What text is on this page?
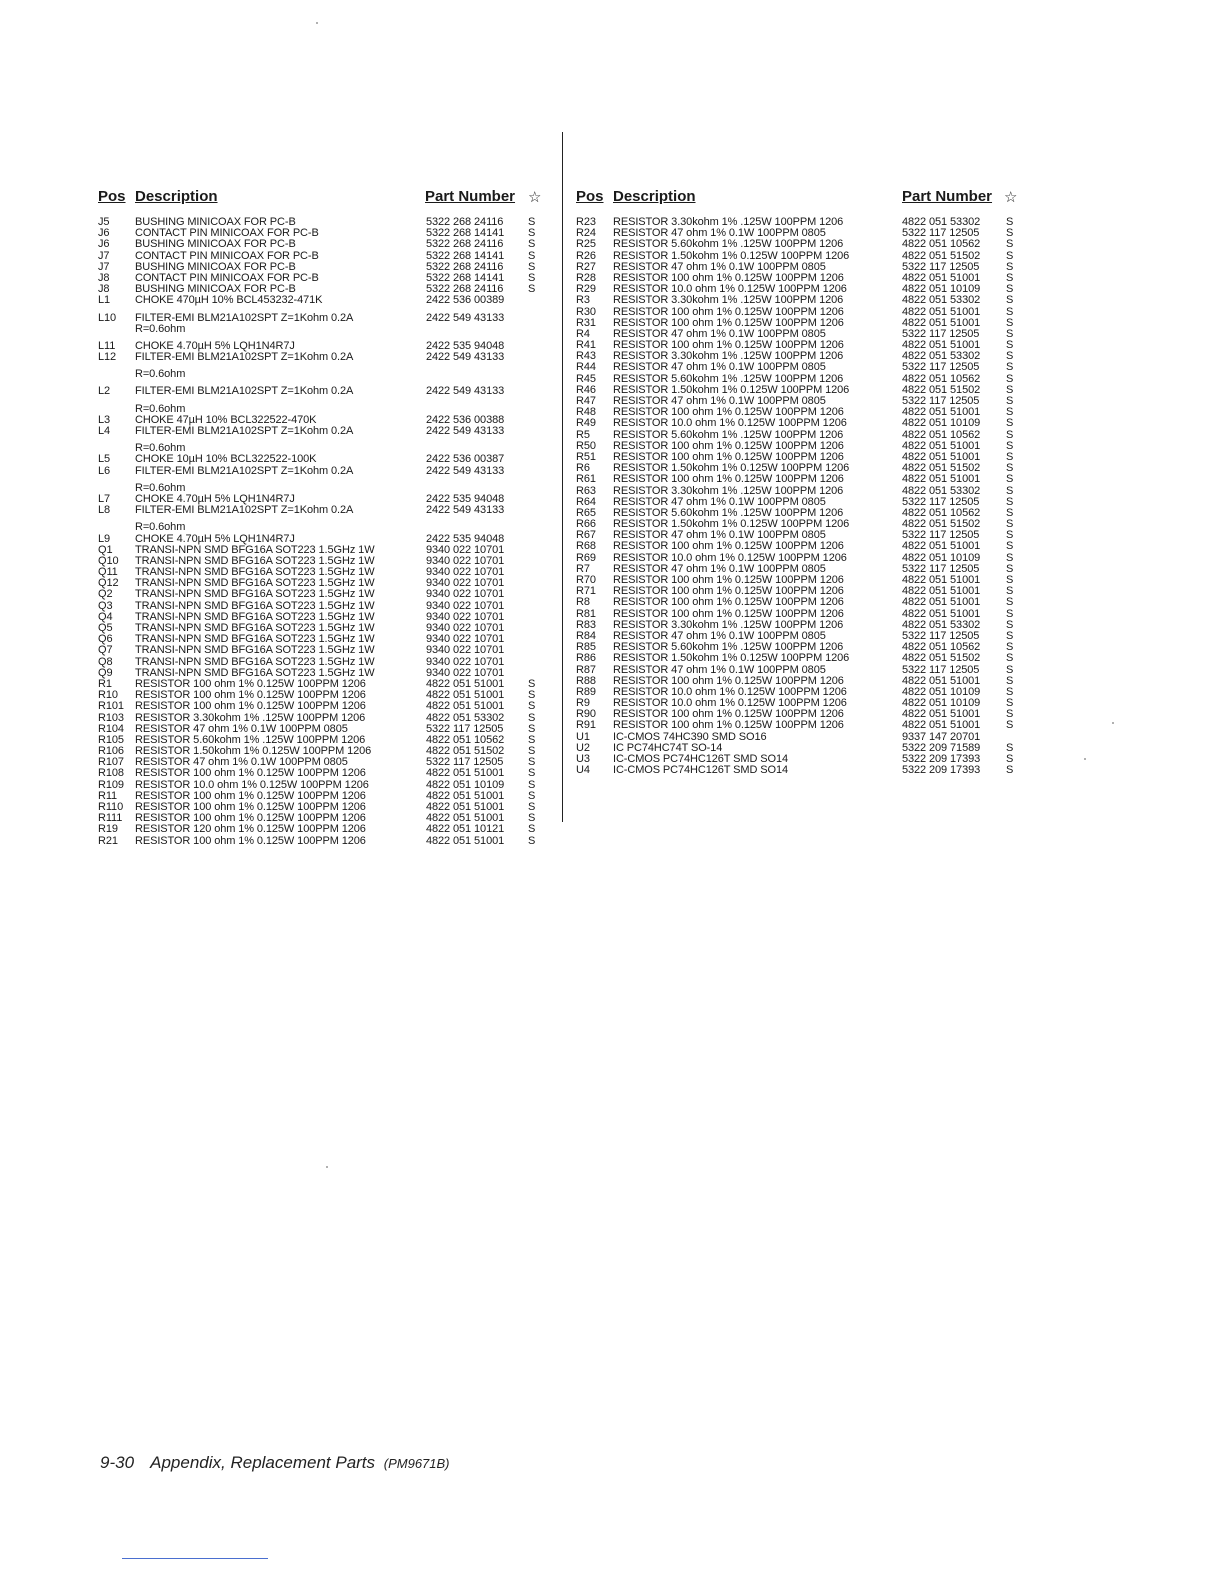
Pos Description	Part Number ☆
J5 BUSHING MINICOAX FOR PC-B	5322 268 24116 S
J6 CONTACT PIN MINICOAX FOR PC-B	5322 268 14141 S
J6 BUSHING MINICOAX FOR PC-B	5322 268 24116 S
J7 CONTACT PIN MINICOAX FOR PC-B	5322 268 14141 S
J7 BUSHING MINICOAX FOR PC-B	5322 268 24116 S
J8 CONTACT PIN MINICOAX FOR PC-B	5322 268 14141 S
J8 BUSHING MINICOAX FOR PC-B	5322 268 24116 S
L1 CHOKE 470µH 10% BCL453232-471K	2422 536 00389
L10 FILTER-EMI BLM21A102SPT Z=1Kohm 0.2A	2422 549 43133
R=0.6ohm
L11 CHOKE 4.70µH 5% LQH1N4R7J	2422 535 94048
L12 FILTER-EMI BLM21A102SPT Z=1Kohm 0.2A	2422 549 43133
R=0.6ohm
L2 FILTER-EMI BLM21A102SPT Z=1Kohm 0.2A	2422 549 43133
R=0.6ohm
L3 CHOKE 47µH 10% BCL322522-470K	2422 536 00388
L4 FILTER-EMI BLM21A102SPT Z=1Kohm 0.2A	2422 549 43133
R=0.6ohm
L5 CHOKE 10µH 10% BCL322522-100K	2422 536 00387
L6 FILTER-EMI BLM21A102SPT Z=1Kohm 0.2A	2422 549 43133
R=0.6ohm
L7 CHOKE 4.70µH 5% LQH1N4R7J	2422 535 94048
L8 FILTER-EMI BLM21A102SPT Z=1Kohm 0.2A	2422 549 43133
R=0.6ohm
L9 CHOKE 4.70µH 5% LQH1N4R7J	2422 535 94048
Q1 TRANSI-NPN SMD BFG16A SOT223 1.5GHz 1W	9340 022 10701
Q10 TRANSI-NPN SMD BFG16A SOT223 1.5GHz 1W	9340 022 10701
Q11 TRANSI-NPN SMD BFG16A SOT223 1.5GHz 1W	9340 022 10701
Q12 TRANSI-NPN SMD BFG16A SOT223 1.5GHz 1W	9340 022 10701
Q2 TRANSI-NPN SMD BFG16A SOT223 1.5GHz 1W	9340 022 10701
Q3 TRANSI-NPN SMD BFG16A SOT223 1.5GHz 1W	9340 022 10701
Q4 TRANSI-NPN SMD BFG16A SOT223 1.5GHz 1W	9340 022 10701
Q5 TRANSI-NPN SMD BFG16A SOT223 1.5GHz 1W	9340 022 10701
Q6 TRANSI-NPN SMD BFG16A SOT223 1.5GHz 1W	9340 022 10701
Q7 TRANSI-NPN SMD BFG16A SOT223 1.5GHz 1W	9340 022 10701
Q8 TRANSI-NPN SMD BFG16A SOT223 1.5GHz 1W	9340 022 10701
Q9 TRANSI-NPN SMD BFG16A SOT223 1.5GHz 1W	9340 022 10701
R1 RESISTOR 100 ohm 1% 0.125W 100PPM 1206	4822 051 51001 S
R10 RESISTOR 100 ohm 1% 0.125W 100PPM 1206	4822 051 51001 S
R101 RESISTOR 100 ohm 1% 0.125W 100PPM 1206	4822 051 51001 S
R103 RESISTOR 3.30kohm 1% .125W 100PPM 1206	4822 051 53302 S
R104 RESISTOR 47 ohm 1% 0.1W 100PPM 0805	5322 117 12505 S
R105 RESISTOR 5.60kohm 1% .125W 100PPM 1206	4822 051 10562 S
R106 RESISTOR 1.50kohm 1% 0.125W 100PPM 1206	4822 051 51502 S
R107 RESISTOR 47 ohm 1% 0.1W 100PPM 0805	5322 117 12505 S
R108 RESISTOR 100 ohm 1% 0.125W 100PPM 1206	4822 051 51001 S
R109 RESISTOR 10.0 ohm 1% 0.125W 100PPM 1206	4822 051 10109 S
R11 RESISTOR 100 ohm 1% 0.125W 100PPM 1206	4822 051 51001 S
R110 RESISTOR 100 ohm 1% 0.125W 100PPM 1206	4822 051 51001 S
R111 RESISTOR 100 ohm 1% 0.125W 100PPM 1206	4822 051 51001 S
R19 RESISTOR 120 ohm 1% 0.125W 100PPM 1206	4822 051 10121 S
R21 RESISTOR 100 ohm 1% 0.125W 100PPM 1206	4822 051 51001 S
Pos Description	Part Number ☆
R23 RESISTOR 3.30kohm 1% .125W 100PPM 1206	4822 051 53302 S
R24 RESISTOR 47 ohm 1% 0.1W 100PPM 0805	5322 117 12505 S
R25 RESISTOR 5.60kohm 1% .125W 100PPM 1206	4822 051 10562 S
R26 RESISTOR 1.50kohm 1% 0.125W 100PPM 1206	4822 051 51502 S
R27 RESISTOR 47 ohm 1% 0.1W 100PPM 0805	5322 117 12505 S
R28 RESISTOR 100 ohm 1% 0.125W 100PPM 1206	4822 051 51001 S
R29 RESISTOR 10.0 ohm 1% 0.125W 100PPM 1206	4822 051 10109 S
R3 RESISTOR 3.30kohm 1% .125W 100PPM 1206	4822 051 53302 S
R30 RESISTOR 100 ohm 1% 0.125W 100PPM 1206	4822 051 51001 S
R31 RESISTOR 100 ohm 1% 0.125W 100PPM 1206	4822 051 51001 S
R4 RESISTOR 47 ohm 1% 0.1W 100PPM 0805	5322 117 12505 S
R41 RESISTOR 100 ohm 1% 0.125W 100PPM 1206	4822 051 51001 S
R43 RESISTOR 3.30kohm 1% .125W 100PPM 1206	4822 051 53302 S
R44 RESISTOR 47 ohm 1% 0.1W 100PPM 0805	5322 117 12505 S
R45 RESISTOR 5.60kohm 1% .125W 100PPM 1206	4822 051 10562 S
R46 RESISTOR 1.50kohm 1% 0.125W 100PPM 1206	4822 051 51502 S
R47 RESISTOR 47 ohm 1% 0.1W 100PPM 0805	5322 117 12505 S
R48 RESISTOR 100 ohm 1% 0.125W 100PPM 1206	4822 051 51001 S
R49 RESISTOR 10.0 ohm 1% 0.125W 100PPM 1206	4822 051 10109 S
R5 RESISTOR 5.60kohm 1% .125W 100PPM 1206	4822 051 10562 S
R50 RESISTOR 100 ohm 1% 0.125W 100PPM 1206	4822 051 51001 S
R51 RESISTOR 100 ohm 1% 0.125W 100PPM 1206	4822 051 51001 S
R6 RESISTOR 1.50kohm 1% 0.125W 100PPM 1206	4822 051 51502 S
R61 RESISTOR 100 ohm 1% 0.125W 100PPM 1206	4822 051 51001 S
R63 RESISTOR 3.30kohm 1% .125W 100PPM 1206	4822 051 53302 S
R64 RESISTOR 47 ohm 1% 0.1W 100PPM 0805	5322 117 12505 S
R65 RESISTOR 5.60kohm 1% .125W 100PPM 1206	4822 051 10562 S
R66 RESISTOR 1.50kohm 1% 0.125W 100PPM 1206	4822 051 51502 S
R67 RESISTOR 47 ohm 1% 0.1W 100PPM 0805	5322 117 12505 S
R68 RESISTOR 100 ohm 1% 0.125W 100PPM 1206	4822 051 51001 S
R69 RESISTOR 10.0 ohm 1% 0.125W 100PPM 1206	4822 051 10109 S
R7 RESISTOR 47 ohm 1% 0.1W 100PPM 0805	5322 117 12505 S
R70 RESISTOR 100 ohm 1% 0.125W 100PPM 1206	4822 051 51001 S
R71 RESISTOR 100 ohm 1% 0.125W 100PPM 1206	4822 051 51001 S
R8 RESISTOR 100 ohm 1% 0.125W 100PPM 1206	4822 051 51001 S
R81 RESISTOR 100 ohm 1% 0.125W 100PPM 1206	4822 051 51001 S
R83 RESISTOR 3.30kohm 1% .125W 100PPM 1206	4822 051 53302 S
R84 RESISTOR 47 ohm 1% 0.1W 100PPM 0805	5322 117 12505 S
R85 RESISTOR 5.60kohm 1% .125W 100PPM 1206	4822 051 10562 S
R86 RESISTOR 1.50kohm 1% 0.125W 100PPM 1206	4822 051 51502 S
R87 RESISTOR 47 ohm 1% 0.1W 100PPM 0805	5322 117 12505 S
R88 RESISTOR 100 ohm 1% 0.125W 100PPM 1206	4822 051 51001 S
R89 RESISTOR 10.0 ohm 1% 0.125W 100PPM 1206	4822 051 10109 S
R9 RESISTOR 10.0 ohm 1% 0.125W 100PPM 1206	4822 051 10109 S
R90 RESISTOR 100 ohm 1% 0.125W 100PPM 1206	4822 051 51001 S
R91 RESISTOR 100 ohm 1% 0.125W 100PPM 1206	4822 051 51001 S
U1 IC-CMOS 74HC390 SMD SO16	9337 147 20701
U2 IC PC74HC74T SO-14	5322 209 71589 S
U3 IC-CMOS PC74HC126T SMD SO14	5322 209 17393 S
U4 IC-CMOS PC74HC126T SMD SO14	5322 209 17393 S
9-30 Appendix, Replacement Parts (PM9671B)
